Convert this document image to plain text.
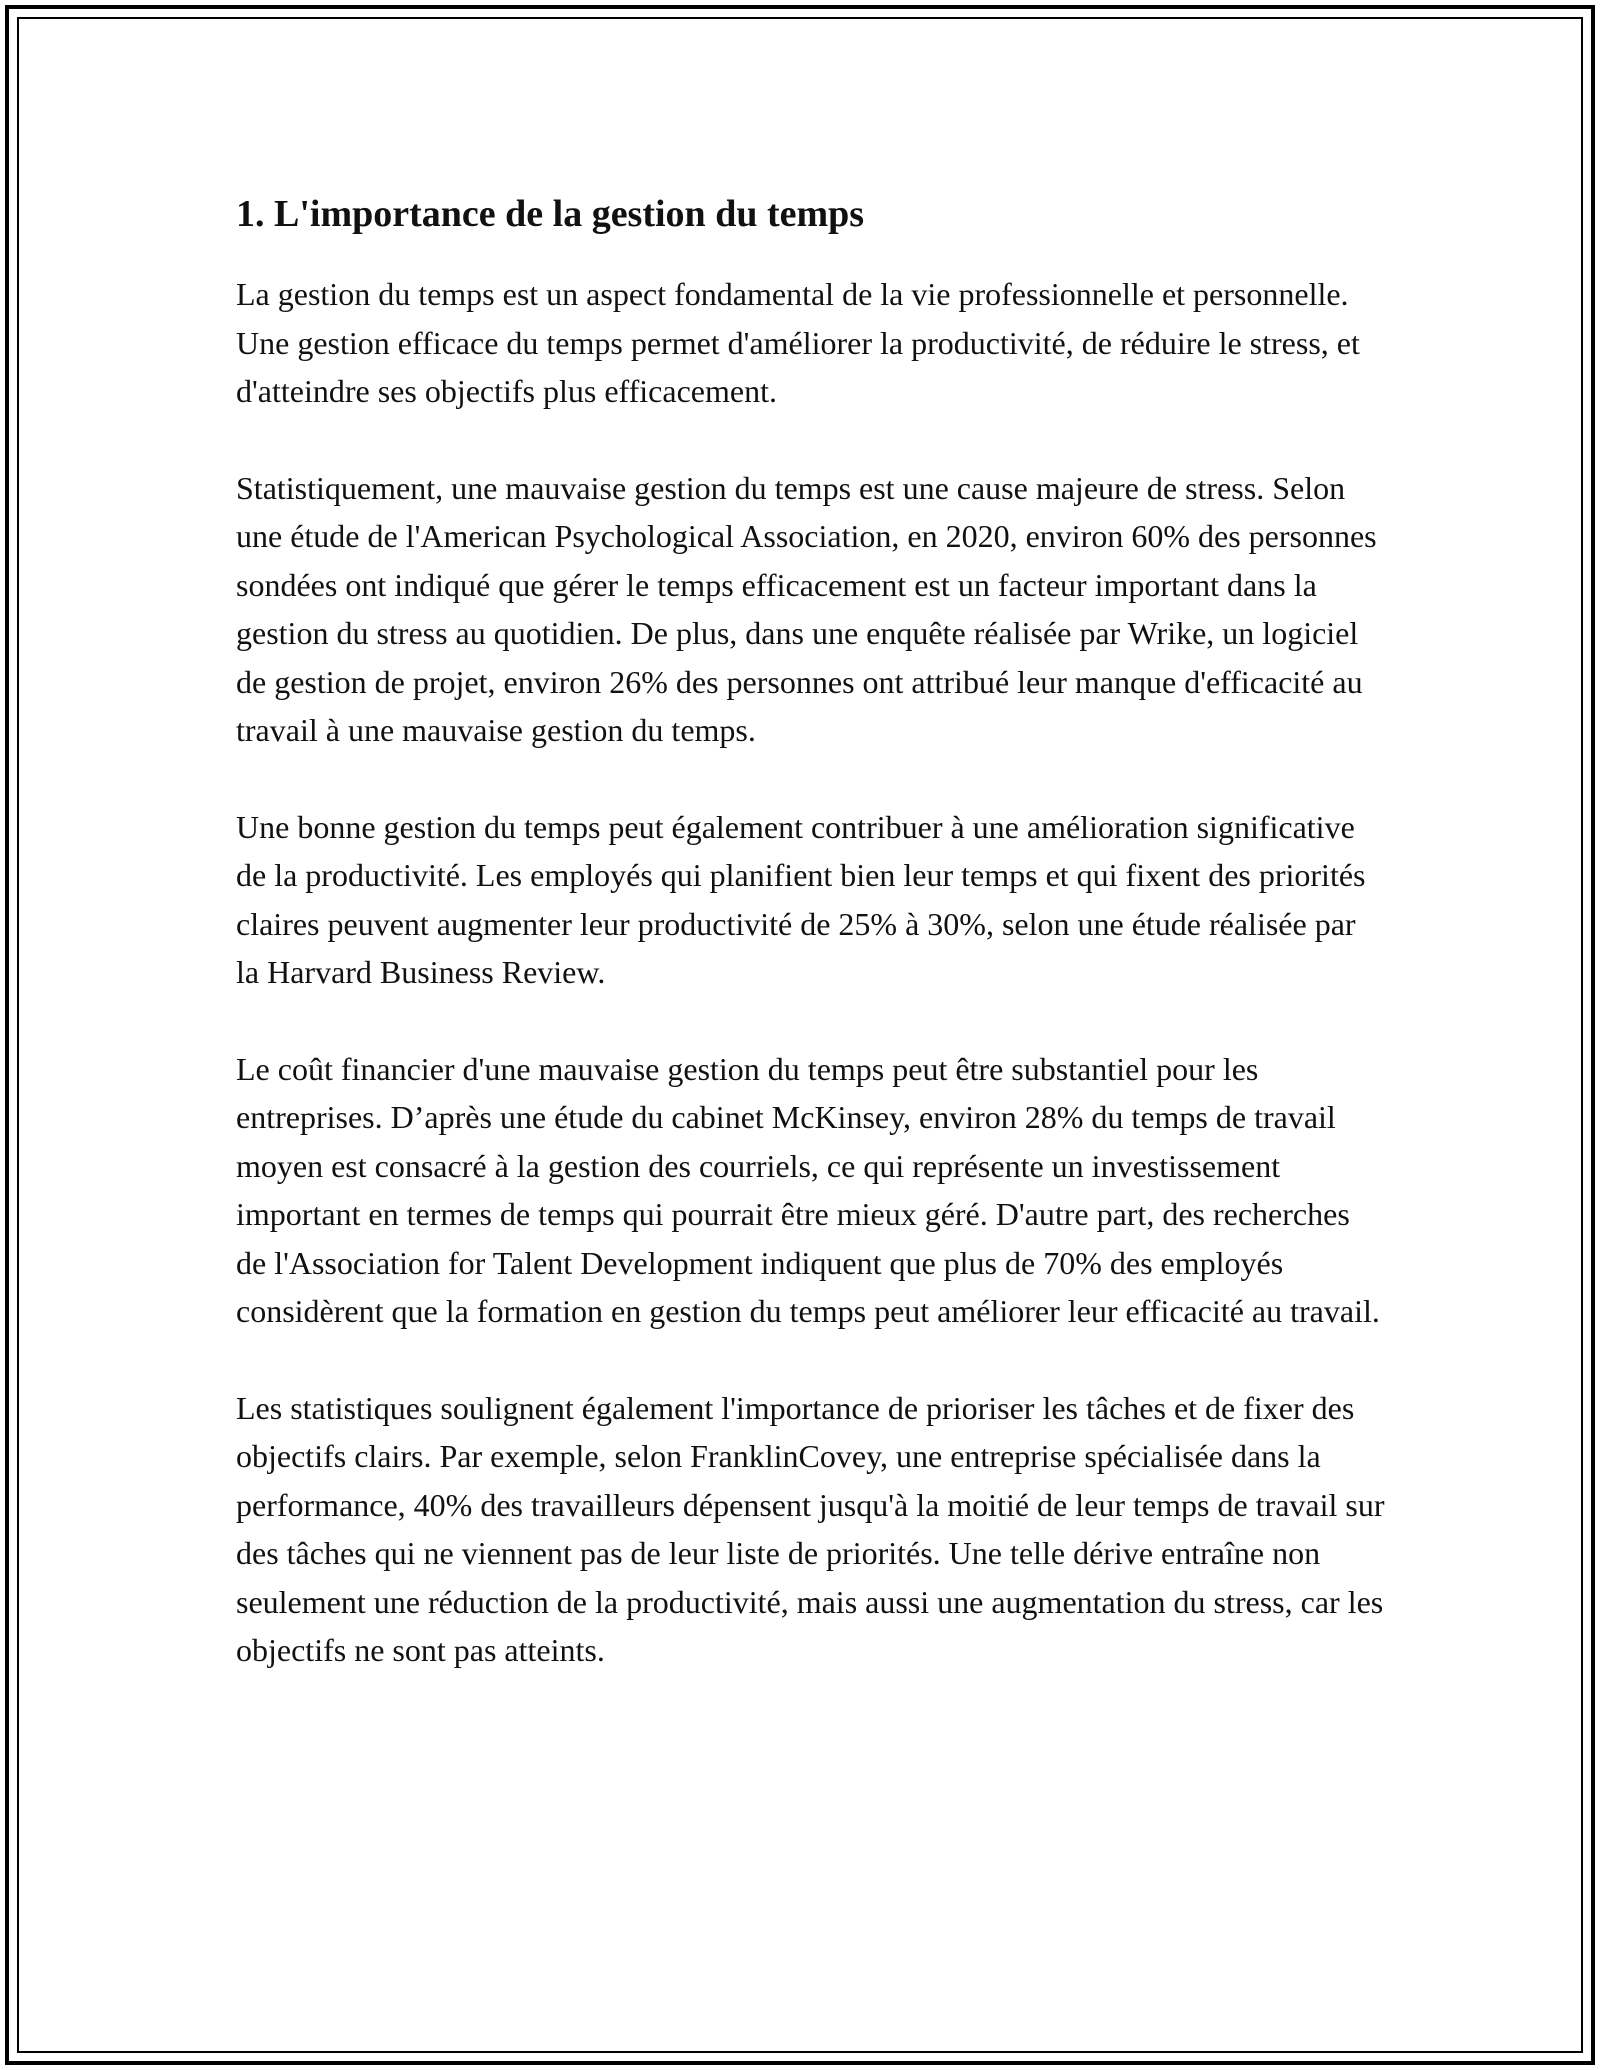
1. L'importance de la gestion du temps

La gestion du temps est un aspect fondamental de la vie professionnelle et personnelle. Une gestion efficace du temps permet d'améliorer la productivité, de réduire le stress, et d'atteindre ses objectifs plus efficacement.

Statistiquement, une mauvaise gestion du temps est une cause majeure de stress. Selon une étude de l'American Psychological Association, en 2020, environ 60% des personnes sondées ont indiqué que gérer le temps efficacement est un facteur important dans la gestion du stress au quotidien. De plus, dans une enquête réalisée par Wrike, un logiciel de gestion de projet, environ 26% des personnes ont attribué leur manque d'efficacité au travail à une mauvaise gestion du temps.

Une bonne gestion du temps peut également contribuer à une amélioration significative de la productivité. Les employés qui planifient bien leur temps et qui fixent des priorités claires peuvent augmenter leur productivité de 25% à 30%, selon une étude réalisée par la Harvard Business Review.

Le coût financier d'une mauvaise gestion du temps peut être substantiel pour les entreprises. D’après une étude du cabinet McKinsey, environ 28% du temps de travail moyen est consacré à la gestion des courriels, ce qui représente un investissement important en termes de temps qui pourrait être mieux géré. D'autre part, des recherches de l'Association for Talent Development indiquent que plus de 70% des employés considèrent que la formation en gestion du temps peut améliorer leur efficacité au travail.

Les statistiques soulignent également l'importance de prioriser les tâches et de fixer des objectifs clairs. Par exemple, selon FranklinCovey, une entreprise spécialisée dans la performance, 40% des travailleurs dépensent jusqu'à la moitié de leur temps de travail sur des tâches qui ne viennent pas de leur liste de priorités. Une telle dérive entraîne non seulement une réduction de la productivité, mais aussi une augmentation du stress, car les objectifs ne sont pas atteints.
